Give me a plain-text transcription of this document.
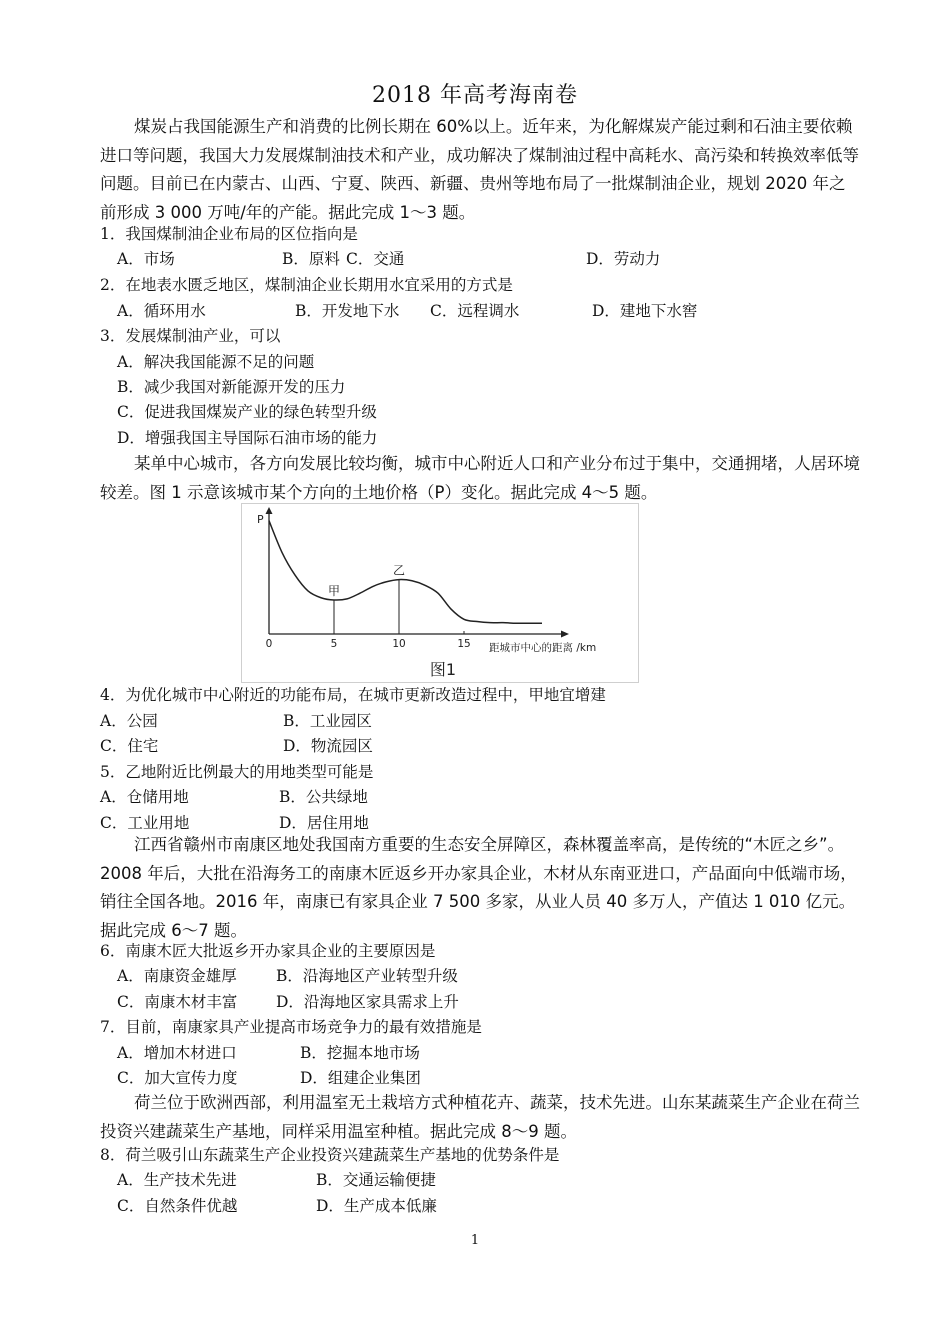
2018 年高考海南卷

煤炭占我国能源生产和消费的比例长期在 60%以上。近年来，为化解煤炭产能过剩和石油主要依赖进口等问题，我国大力发展煤制油技术和产业，成功解决了煤制油过程中高耗水、高污染和转换效率低等问题。目前已在内蒙古、山西、宁夏、陕西、新疆、贵州等地布局了一批煤制油企业，规划 2020 年之前形成 3 000 万吨/年的产能。据此完成 1～3 题。

1．我国煤制油企业布局的区位指向是
A．市场	B．原料 C．交通	D．劳动力
2．在地表水匮乏地区，煤制油企业长期用水宜采用的方式是
A．循环用水	B．开发地下水 C．远程调水	D．建地下水窖
3．发展煤制油产业，可以
A．解决我国能源不足的问题
B．减少我国对新能源开发的压力
C．促进我国煤炭产业的绿色转型升级
D．增强我国主导国际石油市场的能力

某单中心城市，各方向发展比较均衡，城市中心附近人口和产业分布过于集中，交通拥堵，人居环境较差。图 1 示意该城市某个方向的土地价格（P）变化。据此完成 4～5 题。

P
0	5	10	15 距城市中心的距离 /km
甲
乙
图1
4．为优化城市中心附近的功能布局，在城市更新改造过程中，甲地宜增建
A．公园	B．工业园区
C．住宅	D．物流园区
5．乙地附近比例最大的用地类型可能是
A．仓储用地	B．公共绿地
C．工业用地	D．居住用地

江西省赣州市南康区地处我国南方重要的生态安全屏障区，森林覆盖率高，是传统的“木匠之乡”。2008 年后，大批在沿海务工的南康木匠返乡开办家具企业，木材从东南亚进口，产品面向中低端市场，销往全国各地。2016 年，南康已有家具企业 7 500 多家，从业人员 40 多万人，产值达 1 010 亿元。据此完成 6～7 题。

6．南康木匠大批返乡开办家具企业的主要原因是
A．南康资金雄厚	B．沿海地区产业转型升级
C．南康木材丰富 D．沿海地区家具需求上升
7．目前，南康家具产业提高市场竞争力的最有效措施是
A．增加木材进口	B．挖掘本地市场
C．加大宣传力度	D．组建企业集团

荷兰位于欧洲西部，利用温室无土栽培方式种植花卉、蔬菜，技术先进。山东某蔬菜生产企业在荷兰投资兴建蔬菜生产基地，同样采用温室种植。据此完成 8～9 题。

8．荷兰吸引山东蔬菜生产企业投资兴建蔬菜生产基地的优势条件是
A．生产技术先进	B．交通运输便捷
C．自然条件优越	D．生产成本低廉
1
